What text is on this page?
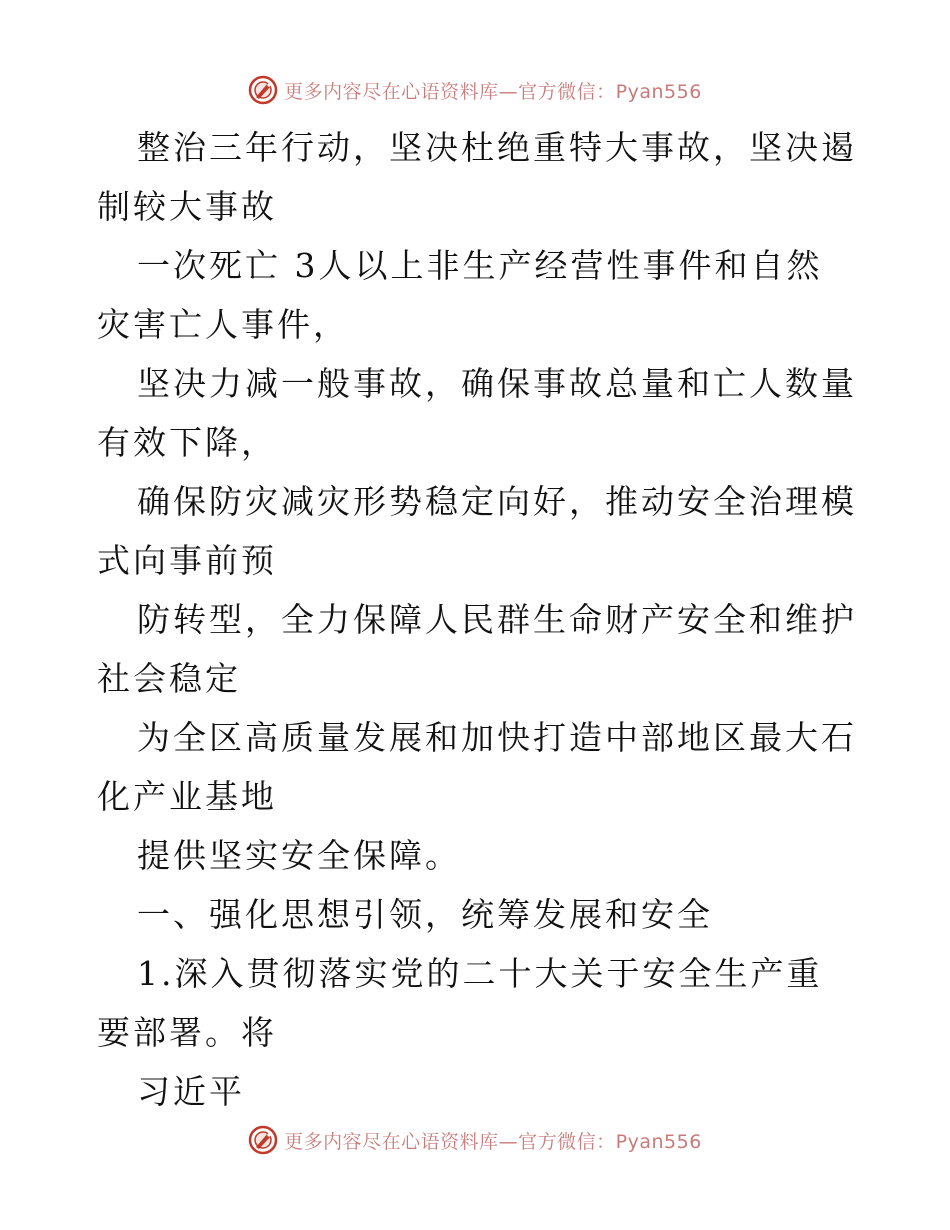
更多内容尽在心语资料库—官方微信：Pyan556

整治三年行动，坚决杜绝重特大事故，坚决遏制较大事故

一次死亡 3人以上非生产经营性事件和自然灾害亡人事件，

坚决力减一般事故，确保事故总量和亡人数量有效下降，

确保防灾减灾形势稳定向好，推动安全治理模式向事前预

防转型，全力保障人民群生命财产安全和维护社会稳定

为全区高质量发展和加快打造中部地区最大石化产业基地

提供坚实安全保障。

一、强化思想引领，统筹发展和安全

1.深入贯彻落实党的二十大关于安全生产重要部署。将

习近平

更多内容尽在心语资料库—官方微信：Pyan556
